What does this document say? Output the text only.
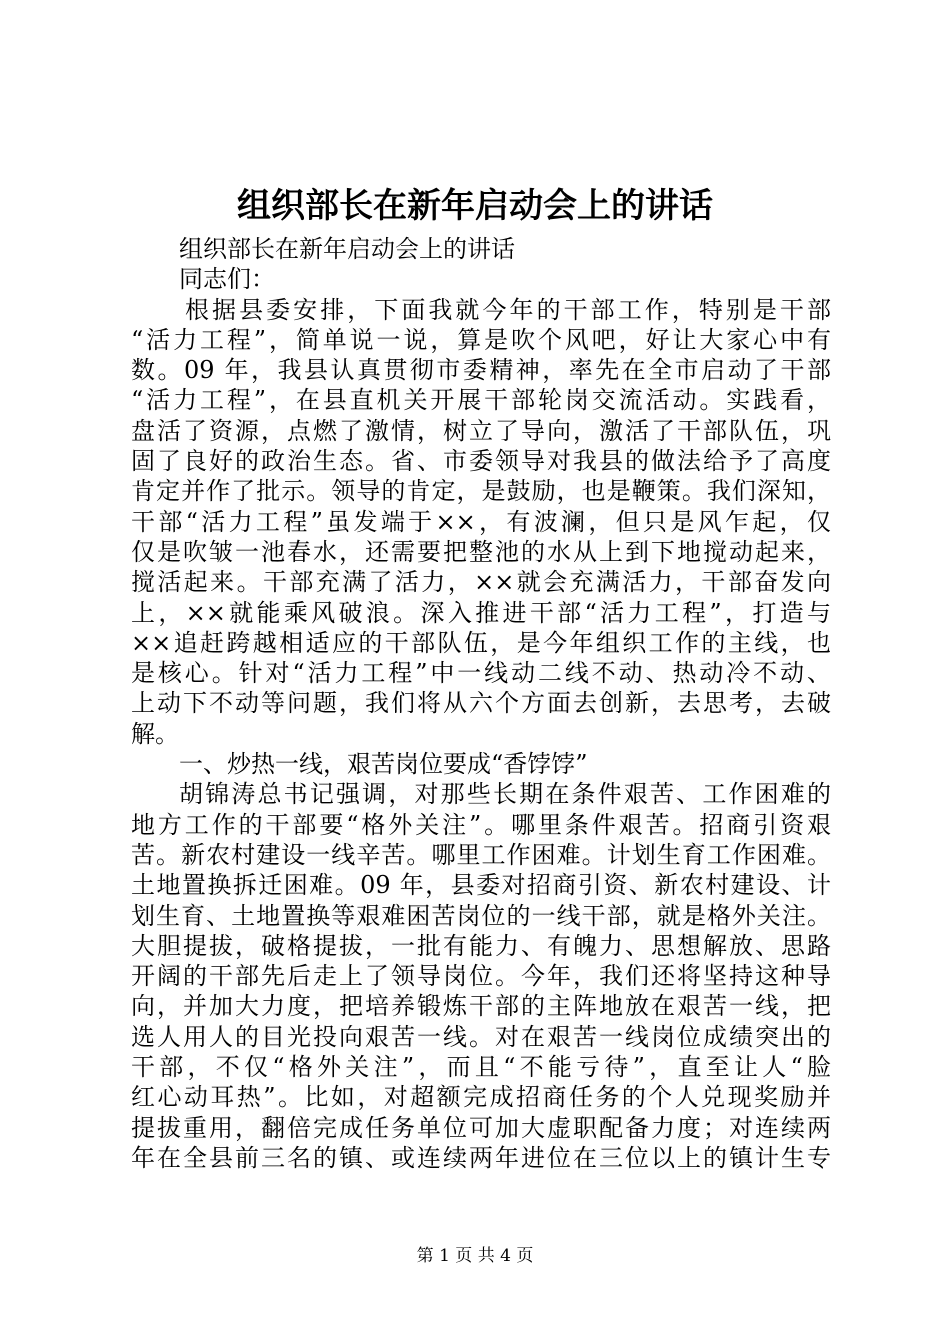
组织部长在新年启动会上的讲话
组织部长在新年启动会上的讲话
同志们：
根据县委安排，下面我就今年的干部工作，特别是干部
“活力工程”，简单说一说，算是吹个风吧，好让大家心中有
数。09 年，我县认真贯彻市委精神，率先在全市启动了干部
“活力工程”，在县直机关开展干部轮岗交流活动。实践看，
盘活了资源，点燃了激情，树立了导向，激活了干部队伍，巩
固了良好的政治生态。省、市委领导对我县的做法给予了高度
肯定并作了批示。领导的肯定，是鼓励，也是鞭策。我们深知，
干部“活力工程”虽发端于××，有波澜，但只是风乍起，仅
仅是吹皱一池春水，还需要把整池的水从上到下地搅动起来，
搅活起来。干部充满了活力，××就会充满活力，干部奋发向
上，××就能乘风破浪。深入推进干部“活力工程”，打造与
××追赶跨越相适应的干部队伍，是今年组织工作的主线，也
是核心。针对“活力工程”中一线动二线不动、热动冷不动、
上动下不动等问题，我们将从六个方面去创新，去思考，去破
解。
一、炒热一线，艰苦岗位要成“香饽饽”
胡锦涛总书记强调，对那些长期在条件艰苦、工作困难的
地方工作的干部要“格外关注”。哪里条件艰苦。招商引资艰
苦。新农村建设一线辛苦。哪里工作困难。计划生育工作困难。
土地置换拆迁困难。09 年，县委对招商引资、新农村建设、计
划生育、土地置换等艰难困苦岗位的一线干部，就是格外关注。
大胆提拔，破格提拔，一批有能力、有魄力、思想解放、思路
开阔的干部先后走上了领导岗位。今年，我们还将坚持这种导
向，并加大力度，把培养锻炼干部的主阵地放在艰苦一线，把
选人用人的目光投向艰苦一线。对在艰苦一线岗位成绩突出的
干部，不仅“格外关注”，而且“不能亏待”，直至让人“脸
红心动耳热”。比如，对超额完成招商任务的个人兑现奖励并
提拔重用，翻倍完成任务单位可加大虚职配备力度；对连续两
年在全县前三名的镇、或连续两年进位在三位以上的镇计生专
第 1 页 共 4 页
